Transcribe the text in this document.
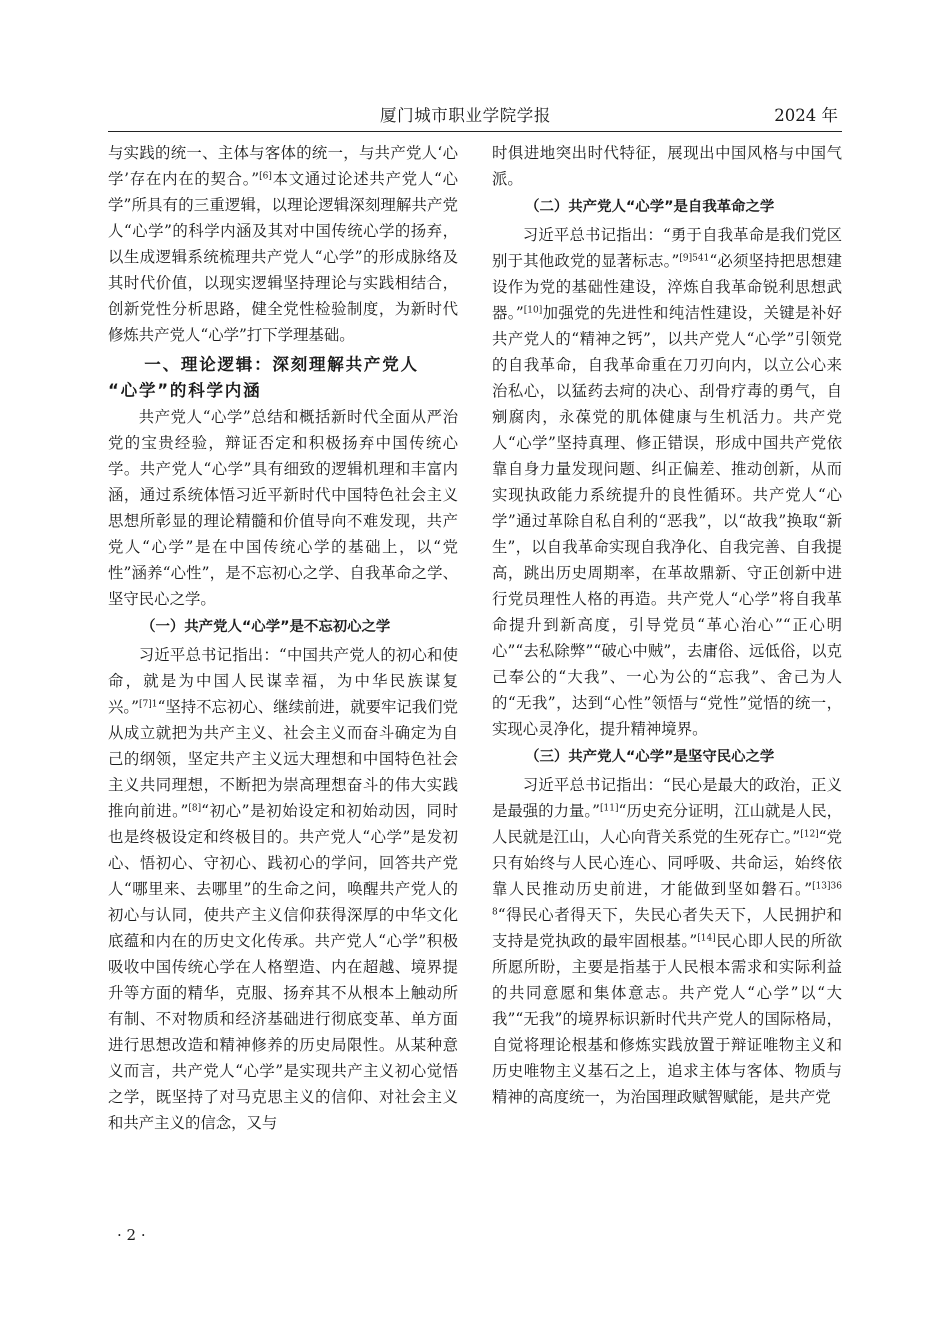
厦门城市职业学院学报	2024 年

与实践的统一、主体与客体的统一，与共产党人‘心学’存在内在的契合。”[6]本文通过论述共产党人“心学”所具有的三重逻辑，以理论逻辑深刻理解共产党人“心学”的科学内涵及其对中国传统心学的扬弃，以生成逻辑系统梳理共产党人“心学”的形成脉络及其时代价值，以现实逻辑坚持理论与实践相结合，创新党性分析思路，健全党性检验制度，为新时代修炼共产党人“心学”打下学理基础。

一、理论逻辑：深刻理解共产党人
“心学”的科学内涵

共产党人“心学”总结和概括新时代全面从严治党的宝贵经验，辩证否定和积极扬弃中国传统心学。共产党人“心学”具有细致的逻辑机理和丰富内涵，通过系统体悟习近平新时代中国特色社会主义思想所彰显的理论精髓和价值导向不难发现，共产党人“心学”是在中国传统心学的基础上，以“党性”涵养“心性”，是不忘初心之学、自我革命之学、坚守民心之学。

（一）共产党人“心学”是不忘初心之学

习近平总书记指出：“中国共产党人的初心和使命，就是为中国人民谋幸福，为中华民族谋复兴。”$^{[7]1}$“坚持不忘初心、继续前进，就要牢记我们党从成立就把为共产主义、社会主义而奋斗确定为自己的纲领，坚定共产主义远大理想和中国特色社会主义共同理想，不断把为崇高理想奋斗的伟大实践推向前进。”[8]“初心”是初始设定和初始动因，同时也是终极设定和终极目的。共产党人“心学”是发初心、悟初心、守初心、践初心的学问，回答共产党人“哪里来、去哪里”的生命之问，唤醒共产党人的初心与认同，使共产主义信仰获得深厚的中华文化底蕴和内在的历史文化传承。共产党人“心学”积极吸收中国传统心学在人格塑造、内在超越、境界提升等方面的精华，克服、扬弃其不从根本上触动所有制、不对物质和经济基础进行彻底变革、单方面进行思想改造和精神修养的历史局限性。从某种意义而言，共产党人“心学”是实现共产主义初心觉悟之学，既坚持了对马克思主义的信仰、对社会主义和共产主义的信念，又与

时俱进地突出时代特征，展现出中国风格与中国气派。

（二）共产党人“心学”是自我革命之学

习近平总书记指出：“勇于自我革命是我们党区别于其他政党的显著标志。”$^{[9]541}$“必须坚持把思想建设作为党的基础性建设，淬炼自我革命锐利思想武器。”[10]加强党的先进性和纯洁性建设，关键是补好共产党人的“精神之钙”，以共产党人“心学”引领党的自我革命，自我革命重在刀刃向内，以立公心来治私心，以猛药去疴的决心、刮骨疗毒的勇气，自剜腐肉，永葆党的肌体健康与生机活力。共产党人“心学”坚持真理、修正错误，形成中国共产党依靠自身力量发现问题、纠正偏差、推动创新，从而实现执政能力系统提升的良性循环。共产党人“心学”通过革除自私自利的“恶我”，以“故我”换取“新生”，以自我革命实现自我净化、自我完善、自我提高，跳出历史周期率，在革故鼎新、守正创新中进行党员理性人格的再造。共产党人“心学”将自我革命提升到新高度，引导党员“革心治心”“正心明心”“去私除弊”“破心中贼”，去庸俗、远低俗，以克己奉公的“大我”、一心为公的“忘我”、舍己为人的“无我”，达到“心性”领悟与“党性”觉悟的统一，实现心灵净化，提升精神境界。

（三）共产党人“心学”是坚守民心之学

习近平总书记指出：“民心是最大的政治，正义是最强的力量。”[11]“历史充分证明，江山就是人民，人民就是江山，人心向背关系党的生死存亡。”[12]“党只有始终与人民心连心、同呼吸、共命运，始终依靠人民推动历史前进，才能做到坚如磐石。”$^{[13]368}$“得民心者得天下，失民心者失天下，人民拥护和支持是党执政的最牢固根基。”[14]民心即人民的所欲所愿所盼，主要是指基于人民根本需求和实际利益的共同意愿和集体意志。共产党人“心学”以“大我”“无我”的境界标识新时代共产党人的国际格局，自觉将理论根基和修炼实践放置于辩证唯物主义和历史唯物主义基石之上，追求主体与客体、物质与精神的高度统一，为治国理政赋智赋能，是共产党

· 2 ·
